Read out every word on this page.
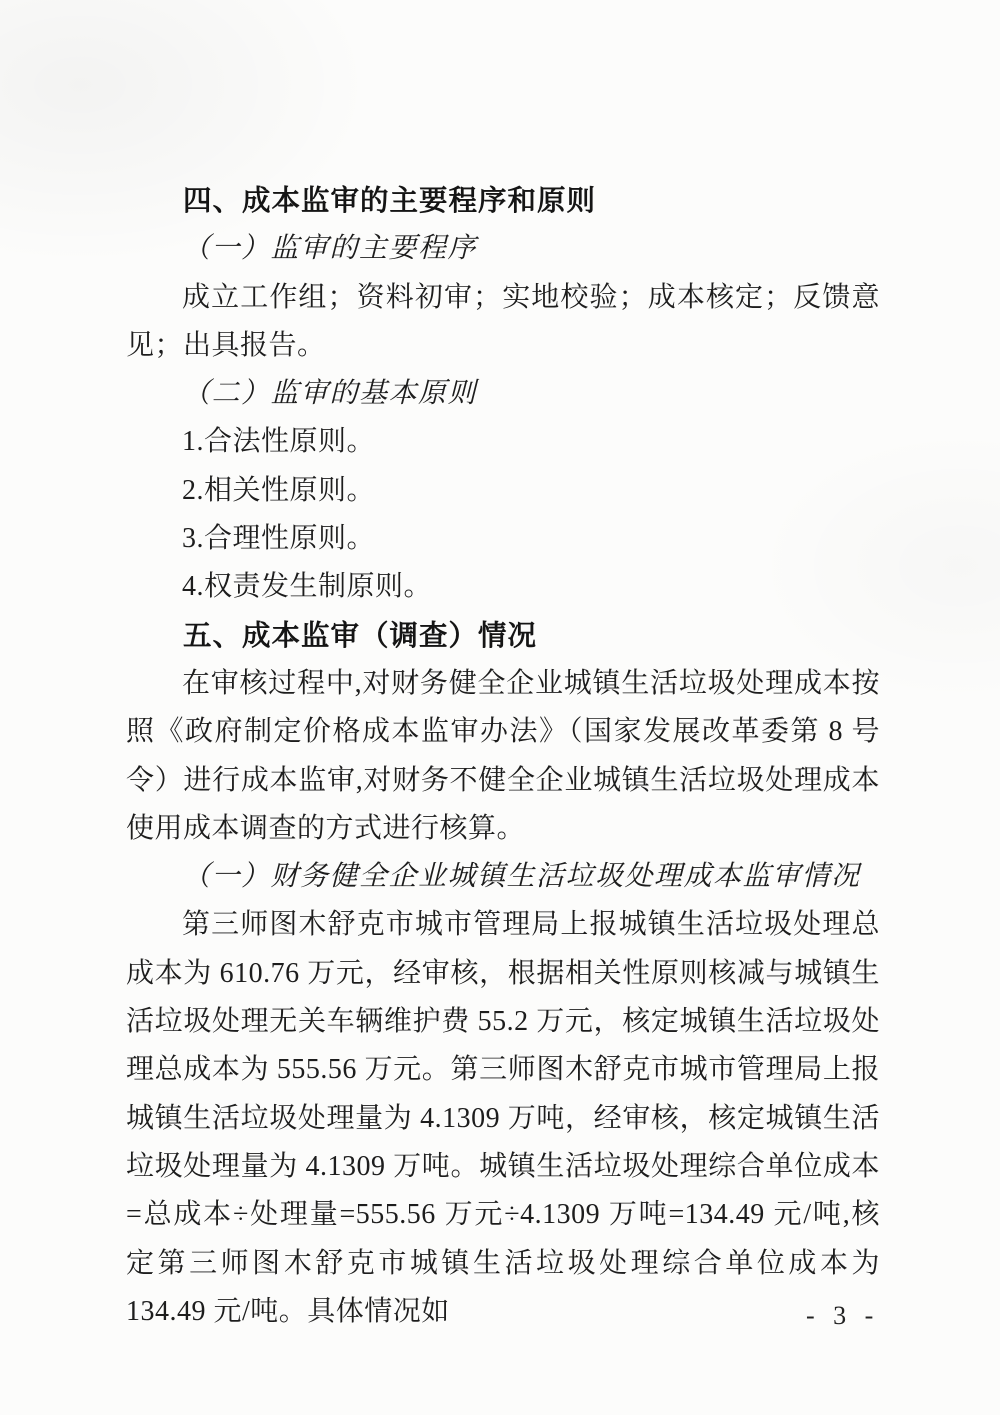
四、成本监审的主要程序和原则
（一）监审的主要程序
成立工作组；资料初审；实地校验；成本核定；反馈意见；出具报告。
（二）监审的基本原则
1.合法性原则。
2.相关性原则。
3.合理性原则。
4.权责发生制原则。
五、成本监审（调查）情况
在审核过程中,对财务健全企业城镇生活垃圾处理成本按照《政府制定价格成本监审办法》（国家发展改革委第 8 号令）进行成本监审,对财务不健全企业城镇生活垃圾处理成本使用成本调查的方式进行核算。
（一）财务健全企业城镇生活垃圾处理成本监审情况
第三师图木舒克市城市管理局上报城镇生活垃圾处理总成本为 610.76 万元，经审核，根据相关性原则核减与城镇生活垃圾处理无关车辆维护费 55.2 万元，核定城镇生活垃圾处理总成本为 555.56 万元。第三师图木舒克市城市管理局上报城镇生活垃圾处理量为 4.1309 万吨，经审核，核定城镇生活垃圾处理量为 4.1309 万吨。城镇生活垃圾处理综合单位成本=总成本÷处理量=555.56 万元÷4.1309 万吨=134.49 元/吨,核定第三师图木舒克市城镇生活垃圾处理综合单位成本为 134.49 元/吨。具体情况如	- 3 -
